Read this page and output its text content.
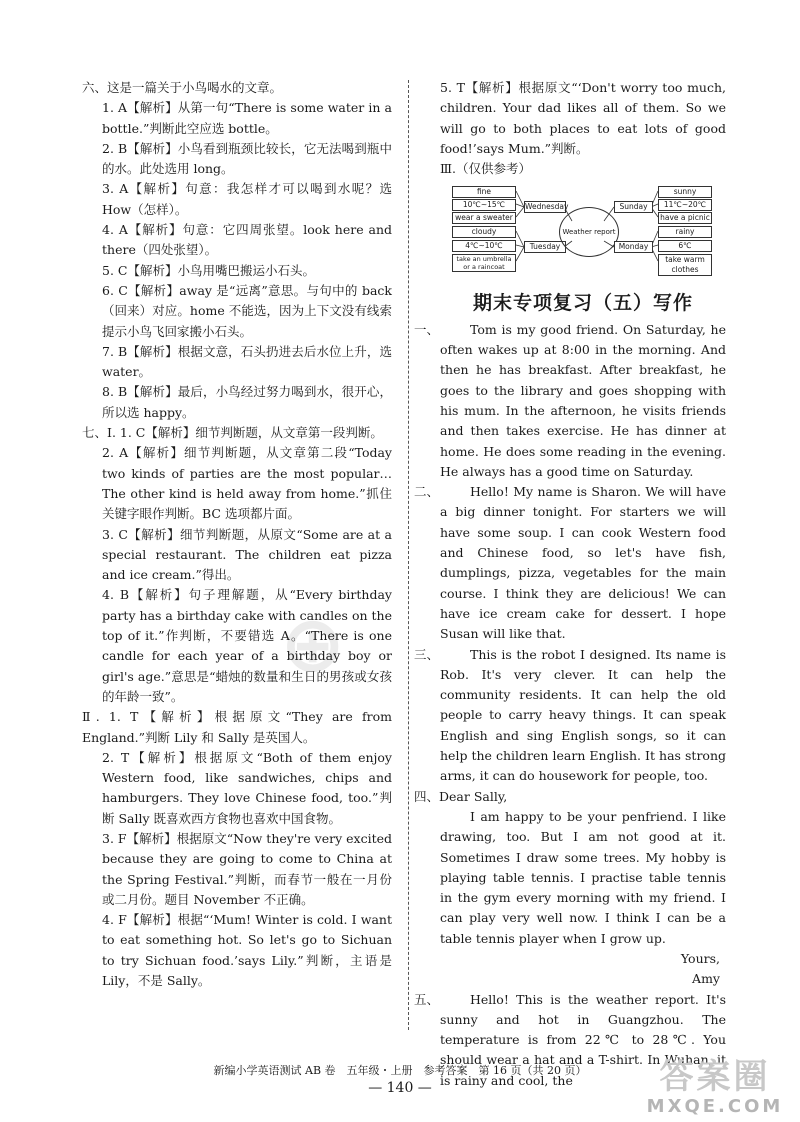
⊕
六、这是一篇关于小鸟喝水的文章。
1. A【解析】从第一句“There is some water in a bottle.”判断此空应选 bottle。
2. B【解析】小鸟看到瓶颈比较长，它无法喝到瓶中的水。此处选用 long。
3. A【解析】句意：我怎样才可以喝到水呢？选 How（怎样）。
4. A【解析】句意：它四周张望。look here and there（四处张望）。
5. C【解析】小鸟用嘴巴搬运小石头。
6. C【解析】away 是“远离”意思。与句中的 back（回来）对应。home 不能选，因为上下文没有线索提示小鸟飞回家搬小石头。
7. B【解析】根据文意，石头扔进去后水位上升，选 water。
8. B【解析】最后，小鸟经过努力喝到水，很开心，所以选 happy。
七、Ⅰ. 1. C【解析】细节判断题，从文章第一段判断。
2. A【解析】细节判断题，从文章第二段“Today two kinds of parties are the most popular… The other kind is held away from home.”抓住关键字眼作判断。BC 选项都片面。
3. C【解析】细节判断题，从原文“Some are at a special restaurant. The children eat pizza and ice cream.”得出。
4. B【解析】句子理解题，从“Every birthday party has a birthday cake with candles on the top of it.”作判断，不要错选 A。“There is one candle for each year of a birthday boy or girl's age.”意思是“蜡烛的数量和生日的男孩或女孩的年龄一致”。
Ⅱ. 1. T【解析】根据原文“They are from England.”判断 Lily 和 Sally 是英国人。
2. T【解析】根据原文“Both of them enjoy Western food, like sandwiches, chips and hamburgers. They love Chinese food, too.”判断 Sally 既喜欢西方食物也喜欢中国食物。
3. F【解析】根据原文“Now they're very excited because they are going to come to China at the Spring Festival.”判断，而春节一般在一月份或二月份。题目 November 不正确。
4. F【解析】根据“‘Mum! Winter is cold. I want to eat something hot. So let's go to Sichuan to try Sichuan food.’says Lily.”判断，主语是 Lily，不是 Sally。
5. T【解析】根据原文“‘Don't worry too much, children. Your dad likes all of them. So we will go to both places to eat lots of good food!’says Mum.”判断。
Ⅲ.（仅供参考）
fine
10℃~15℃
wear a sweater
Wednesday
cloudy
4℃~10℃
take an umbrella or a raincoat
Tuesday
Weather report
Sunday
sunny
11℃~20℃
have a picnic
Monday
rainy
6℃
take warm clothes
期末专项复习（五）写作
一、	Tom is my good friend. On Saturday, he often wakes up at 8:00 in the morning. And then he has breakfast. After breakfast, he goes to the library and goes shopping with his mum. In the afternoon, he visits friends and then takes exercise. He has dinner at home. He does some reading in the evening. He always has a good time on Saturday.
二、	Hello! My name is Sharon. We will have a big dinner tonight. For starters we will have some soup. I can cook Western food and Chinese food, so let's have fish, dumplings, pizza, vegetables for the main course. I think they are delicious! We can have ice cream cake for dessert. I hope Susan will like that.
三、	This is the robot I designed. Its name is Rob. It's very clever. It can help the community residents. It can help the old people to carry heavy things. It can speak English and sing English songs, so it can help the children learn English. It has strong arms, it can do housework for people, too.
四、Dear Sally,
I am happy to be your penfriend. I like drawing, too. But I am not good at it. Sometimes I draw some trees. My hobby is playing table tennis. I practise table tennis in the gym every morning with my friend. I can play very well now. I think I can be a table tennis player when I grow up.
Yours,
Amy
五、	Hello! This is the weather report. It's sunny and hot in Guangzhou. The temperature is from 22℃ to 28℃. You should wear a hat and a T-shirt. In Wuhan, it is rainy and cool, the
新编小学英语测试 AB 卷　五年级・上册　参考答案　第 16 页（共 20 页）
— 140 —	答案圈
MXQE.COM
